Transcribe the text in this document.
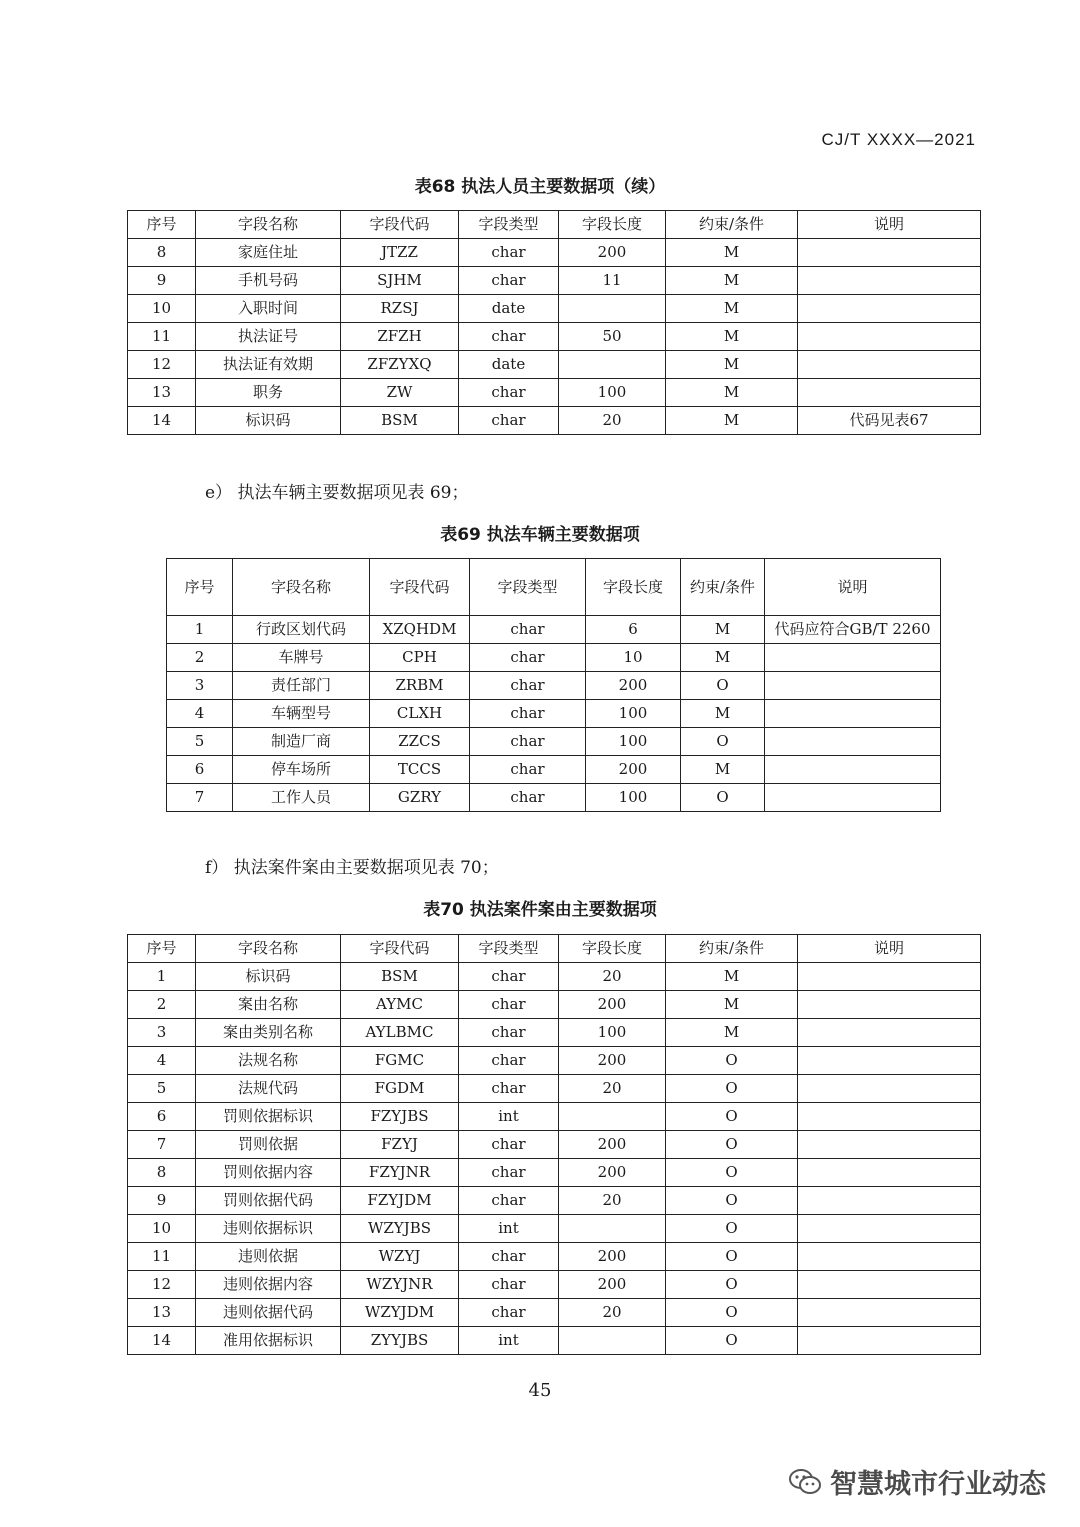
CJ/T XXXX—2021
表68 执法人员主要数据项（续）
序号	字段名称	字段代码	字段类型	字段长度	约束/条件	说明
8	家庭住址	JTZZ	char	200	M	
9	手机号码	SJHM	char	11	M	
10	入职时间	RZSJ	date		M	
11	执法证号	ZFZH	char	50	M	
12	执法证有效期	ZFZYXQ	date		M	
13	职务	ZW	char	100	M	
14	标识码	BSM	char	20	M	代码见表67
e） 执法车辆主要数据项见表 69；
表69 执法车辆主要数据项
序号	字段名称	字段代码	字段类型	字段长度	约束/条件	说明
1	行政区划代码	XZQHDM	char	6	M	代码应符合GB/T 2260
2	车牌号	CPH	char	10	M	
3	责任部门	ZRBM	char	200	O	
4	车辆型号	CLXH	char	100	M	
5	制造厂商	ZZCS	char	100	O	
6	停车场所	TCCS	char	200	M	
7	工作人员	GZRY	char	100	O	
f） 执法案件案由主要数据项见表 70；
表70 执法案件案由主要数据项
序号	字段名称	字段代码	字段类型	字段长度	约束/条件	说明
1	标识码	BSM	char	20	M	
2	案由名称	AYMC	char	200	M	
3	案由类别名称	AYLBMC	char	100	M	
4	法规名称	FGMC	char	200	O	
5	法规代码	FGDM	char	20	O	
6	罚则依据标识	FZYJBS	int		O	
7	罚则依据	FZYJ	char	200	O	
8	罚则依据内容	FZYJNR	char	200	O	
9	罚则依据代码	FZYJDM	char	20	O	
10	违则依据标识	WZYJBS	int		O	
11	违则依据	WZYJ	char	200	O	
12	违则依据内容	WZYJNR	char	200	O	
13	违则依据代码	WZYJDM	char	20	O	
14	准用依据标识	ZYYJBS	int		O	
45
智慧城市行业动态
